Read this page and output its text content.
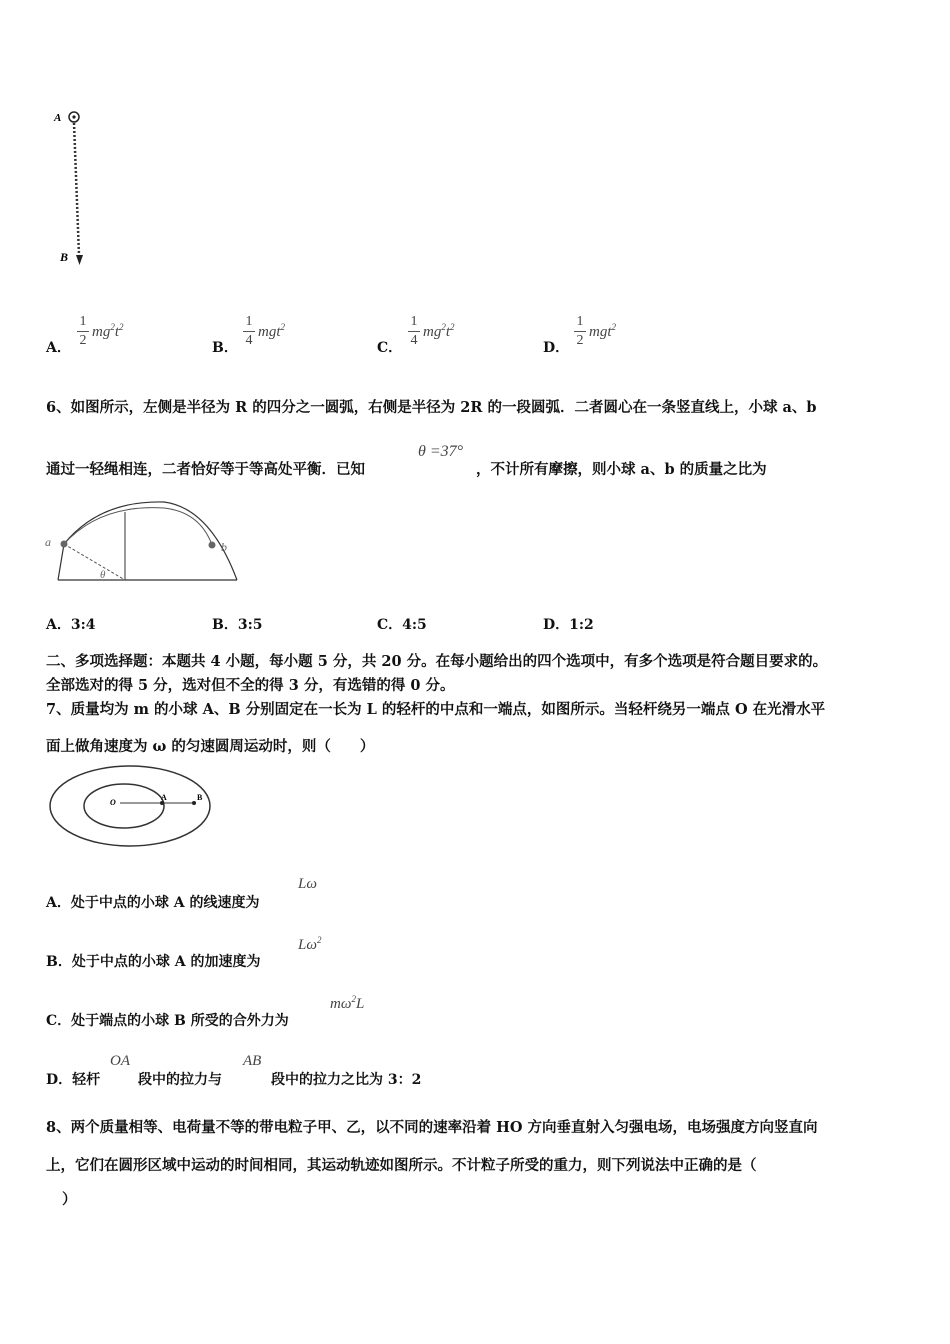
A
B
A．
1
2
$mg^2t^2$
B．
1
4
mgt$^2$
C．
1
4
$mg^2t^2$
D．
1
2
mgt$^2$
6、如图所示，左侧是半径为 R 的四分之一圆弧，右侧是半径为 2R 的一段圆弧．二者圆心在一条竖直线上，小球 a、b
通过一轻绳相连，二者恰好等于等高处平衡．已知
θ =37°
，不计所有摩擦，则小球 a、b 的质量之比为
a	b
θ
A．3:4	B．3:5	C．4:5	D．1:2
二、多项选择题：本题共 4 小题，每小题 5 分，共 20 分。在每小题给出的四个选项中，有多个选项是符合题目要求的。
全部选对的得 5 分，选对但不全的得 3 分，有选错的得 0 分。
7、质量均为 m 的小球 A、B 分别固定在一长为 L 的轻杆的中点和一端点，如图所示。当轻杆绕另一端点 O 在光滑水平
面上做角速度为 ω 的匀速圆周运动时，则（　　）
O
A	B
A．处于中点的小球 A 的线速度为
Lω
B．处于中点的小球 A 的加速度为
$L\omega^2$
C．处于端点的小球 B 所受的合外力为
$m\omega^2L$
D．轻杆
OA
段中的拉力与
AB
段中的拉力之比为 3：2
8、两个质量相等、电荷量不等的带电粒子甲、乙，以不同的速率沿着 HO 方向垂直射入匀强电场，电场强度方向竖直向
上，它们在圆形区域中运动的时间相同，其运动轨迹如图所示。不计粒子所受的重力，则下列说法中正确的是（
）
